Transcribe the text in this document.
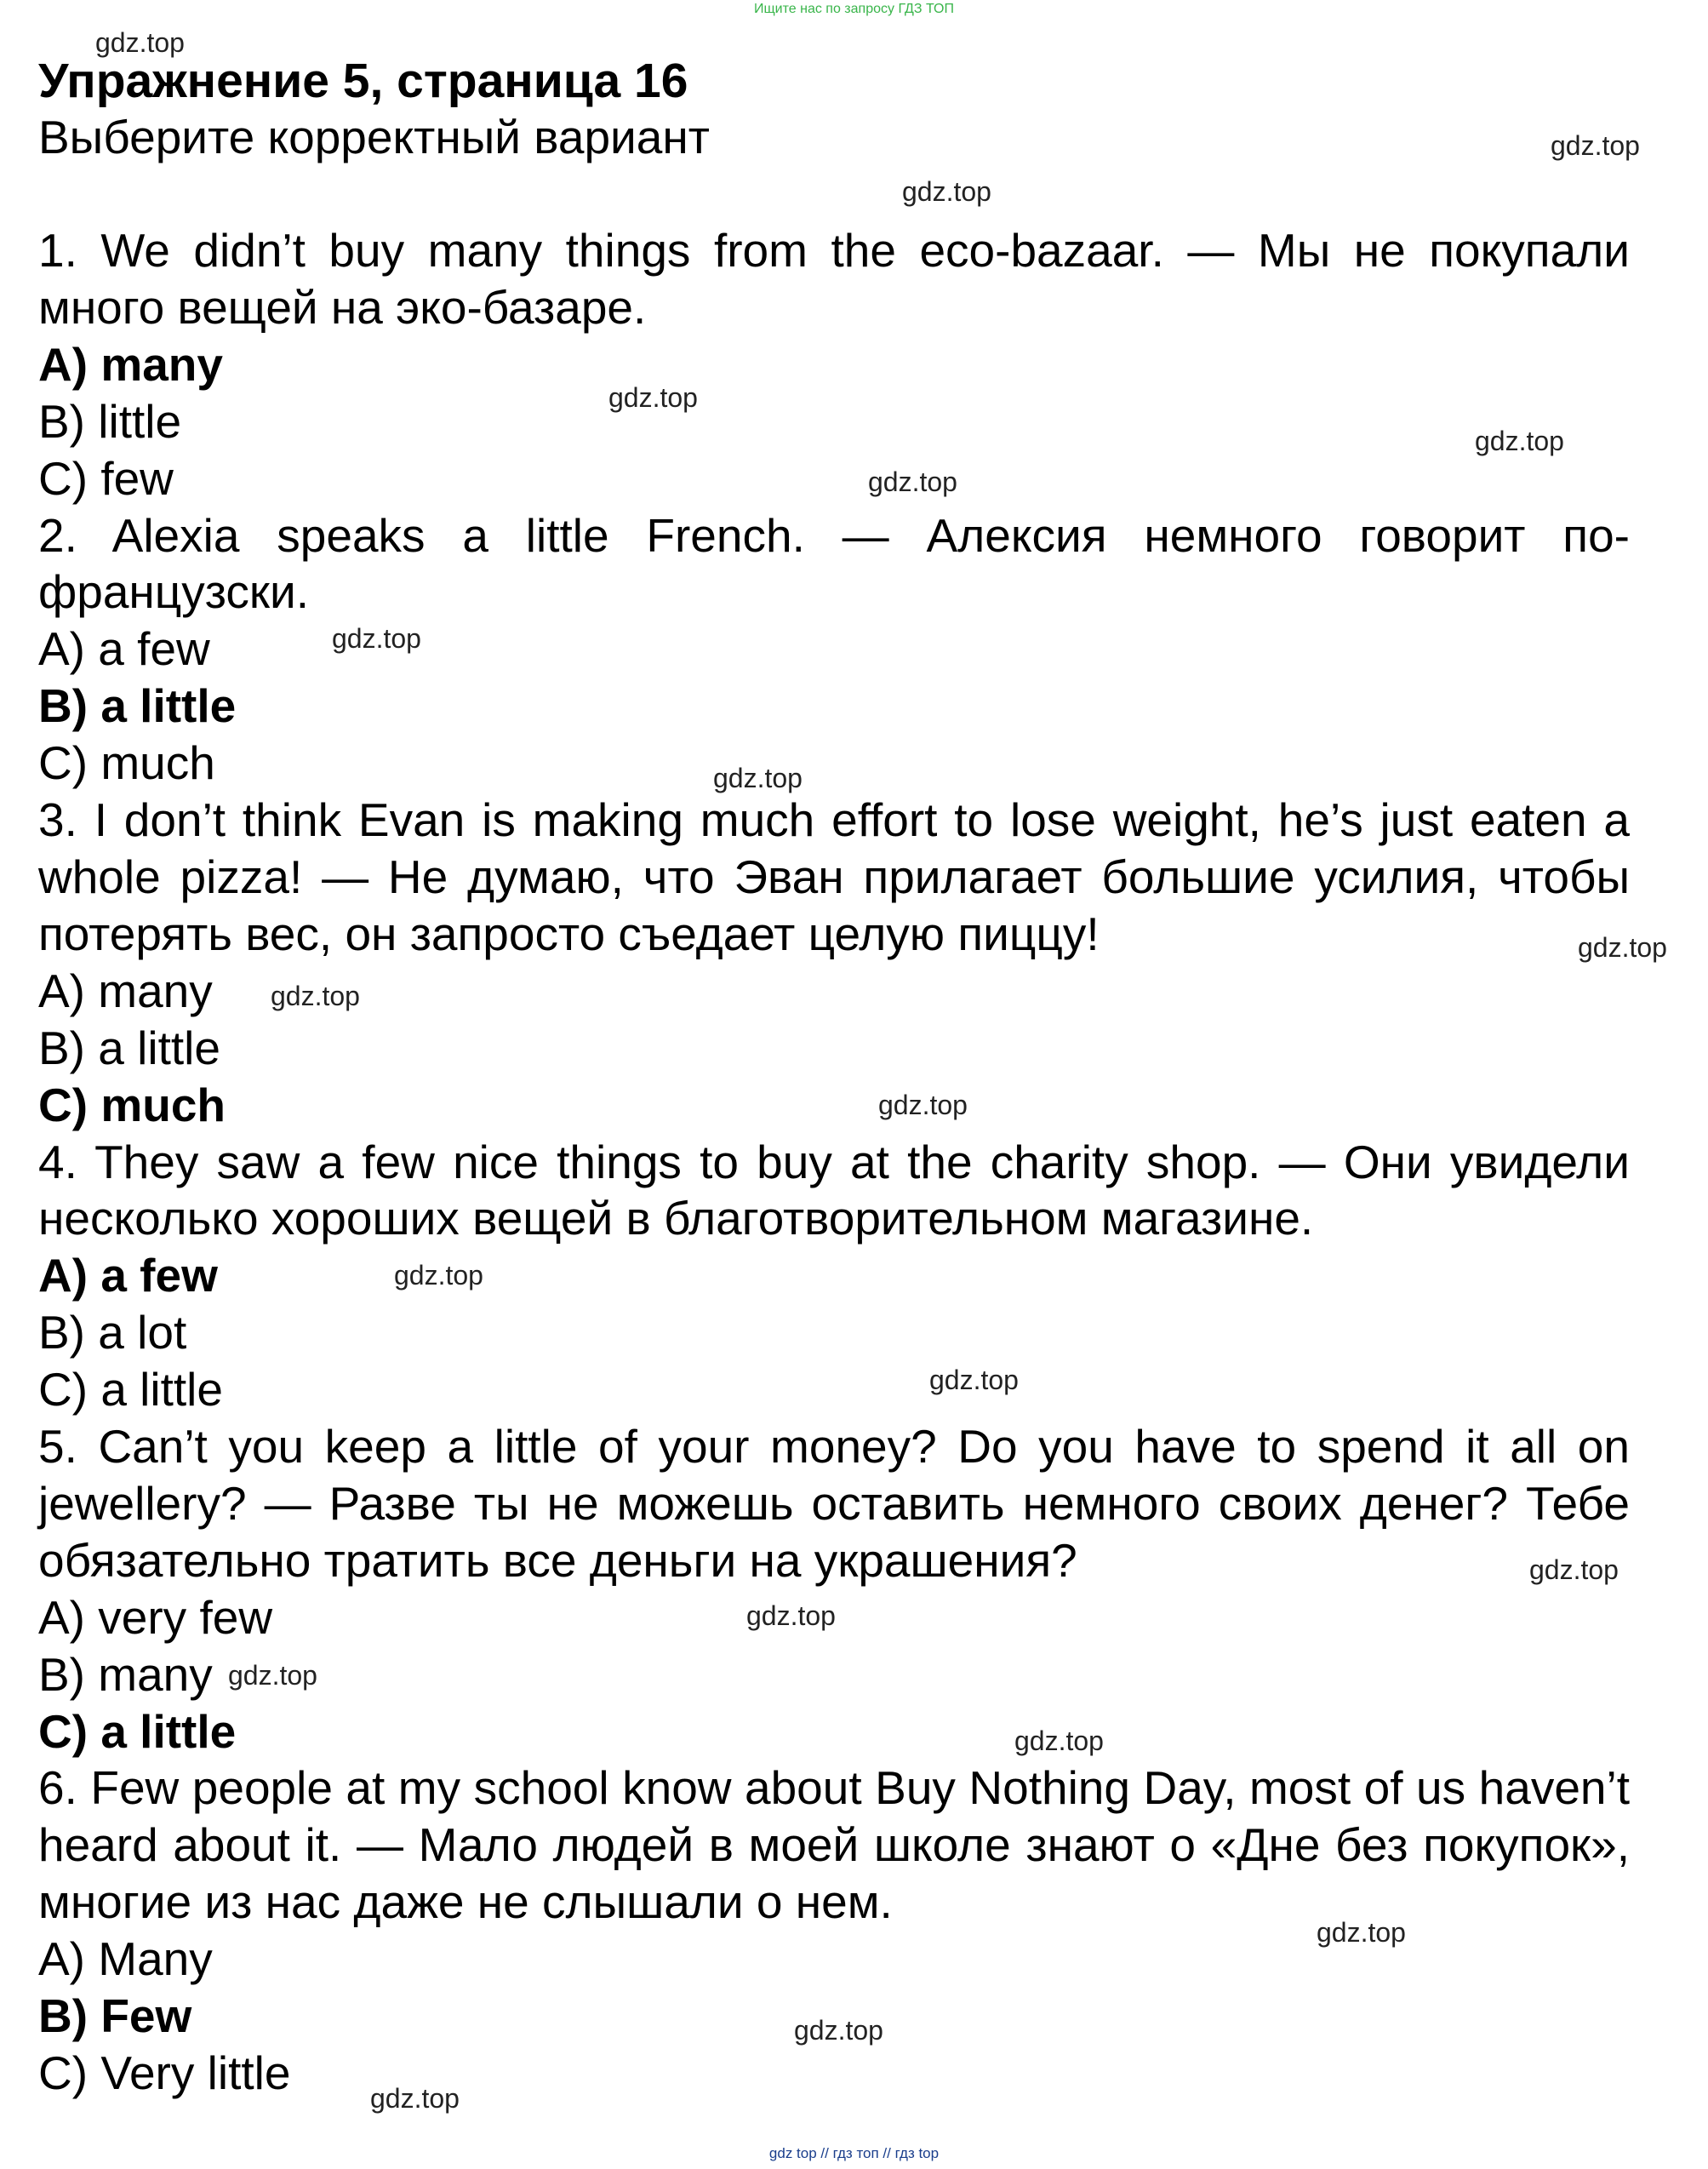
Ищите нас по запросу ГДЗ ТОП
gdz top // гдз топ // гдз top
Упражнение 5, страница 16
Выберите корректный вариант
1. We didn’t buy many things from the eco-bazaar. — Мы не покупали много вещей на эко-базаре.
A) many
B) little
C) few
2. Alexia speaks a little French. — Алексия немного говорит по-французски.
A) a few
B) a little
C) much
3. I don’t think Evan is making much effort to lose weight, he’s just eaten a whole pizza! — Не думаю, что Эван прилагает большие усилия, чтобы потерять вес, он запросто съедает целую пиццу!
A) many
B) a little
C) much
4. They saw a few nice things to buy at the charity shop. — Они увидели несколько хороших вещей в благотворительном магазине.
A) a few
B) a lot
C) a little
5. Can’t you keep a little of your money? Do you have to spend it all on jewellery? — Разве ты не можешь оставить немного своих денег? Тебе обязательно тратить все деньги на украшения?
A) very few
B) many
C) a little
6. Few people at my school know about Buy Nothing Day, most of us haven’t heard about it. — Мало людей в моей школе знают о «Дне без покупок», многие из нас даже не слышали о нем.
A) Many
B) Few
C) Very little
gdz.top
gdz.top
gdz.top
gdz.top
gdz.top
gdz.top
gdz.top
gdz.top
gdz.top
gdz.top
gdz.top
gdz.top
gdz.top
gdz.top
gdz.top
gdz.top
gdz.top
gdz.top
gdz.top
gdz.top
